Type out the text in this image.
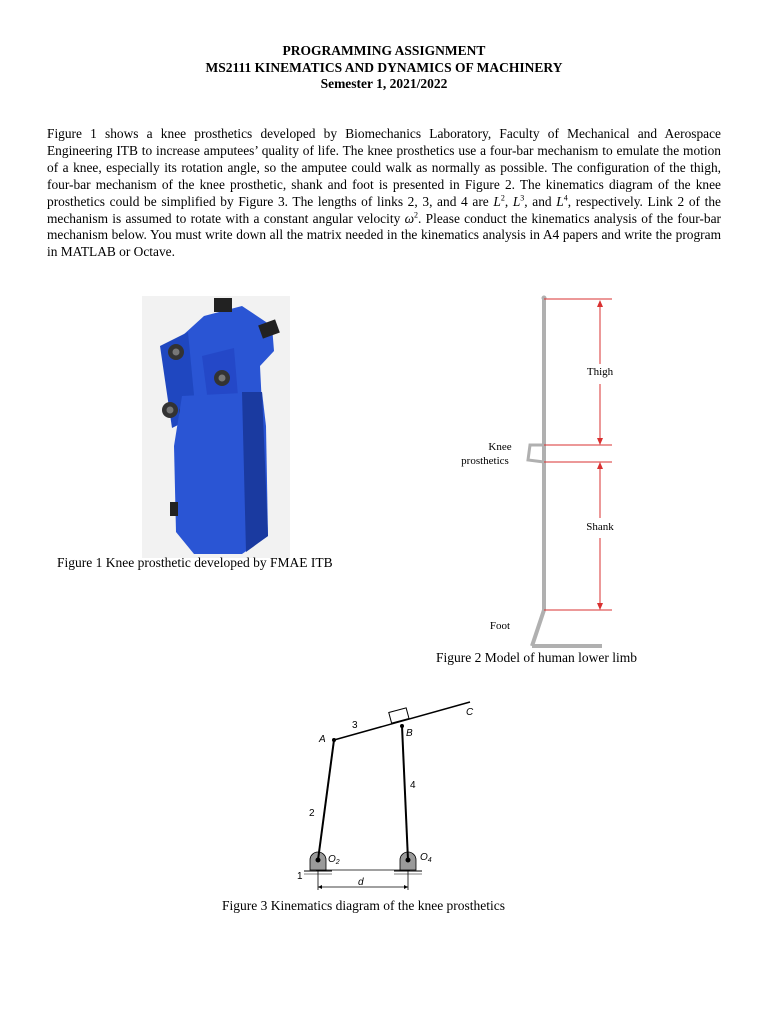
PROGRAMMING ASSIGNMENT
MS2111 KINEMATICS AND DYNAMICS OF MACHINERY
Semester 1, 2021/2022
Figure 1 shows a knee prosthetics developed by Biomechanics Laboratory, Faculty of Mechanical and Aerospace Engineering ITB to increase amputees’ quality of life. The knee prosthetics use a four-bar mechanism to emulate the motion of a knee, especially its rotation angle, so the amputee could walk as normally as possible. The configuration of the thigh, four-bar mechanism of the knee prosthetic, shank and foot is presented in Figure 2. The kinematics diagram of the knee prosthetics could be simplified by Figure 3. The lengths of links 2, 3, and 4 are $L^2$, $L^3$, and $L^4$, respectively. Link 2 of the mechanism is assumed to rotate with a constant angular velocity $\omega^2$. Please conduct the kinematics analysis of the four-bar mechanism below. You must write down all the matrix needed in the kinematics analysis in A4 papers and write the program in MATLAB or Octave.
Figure 1 Knee prosthetic developed by FMAE ITB
Thigh
Knee
prosthetics
Shank
Foot
Figure 2 Model of human lower limb
1
2
3
4
A
B
C
$O_2$	$O_4$
d
Figure 3 Kinematics diagram of the knee prosthetics
